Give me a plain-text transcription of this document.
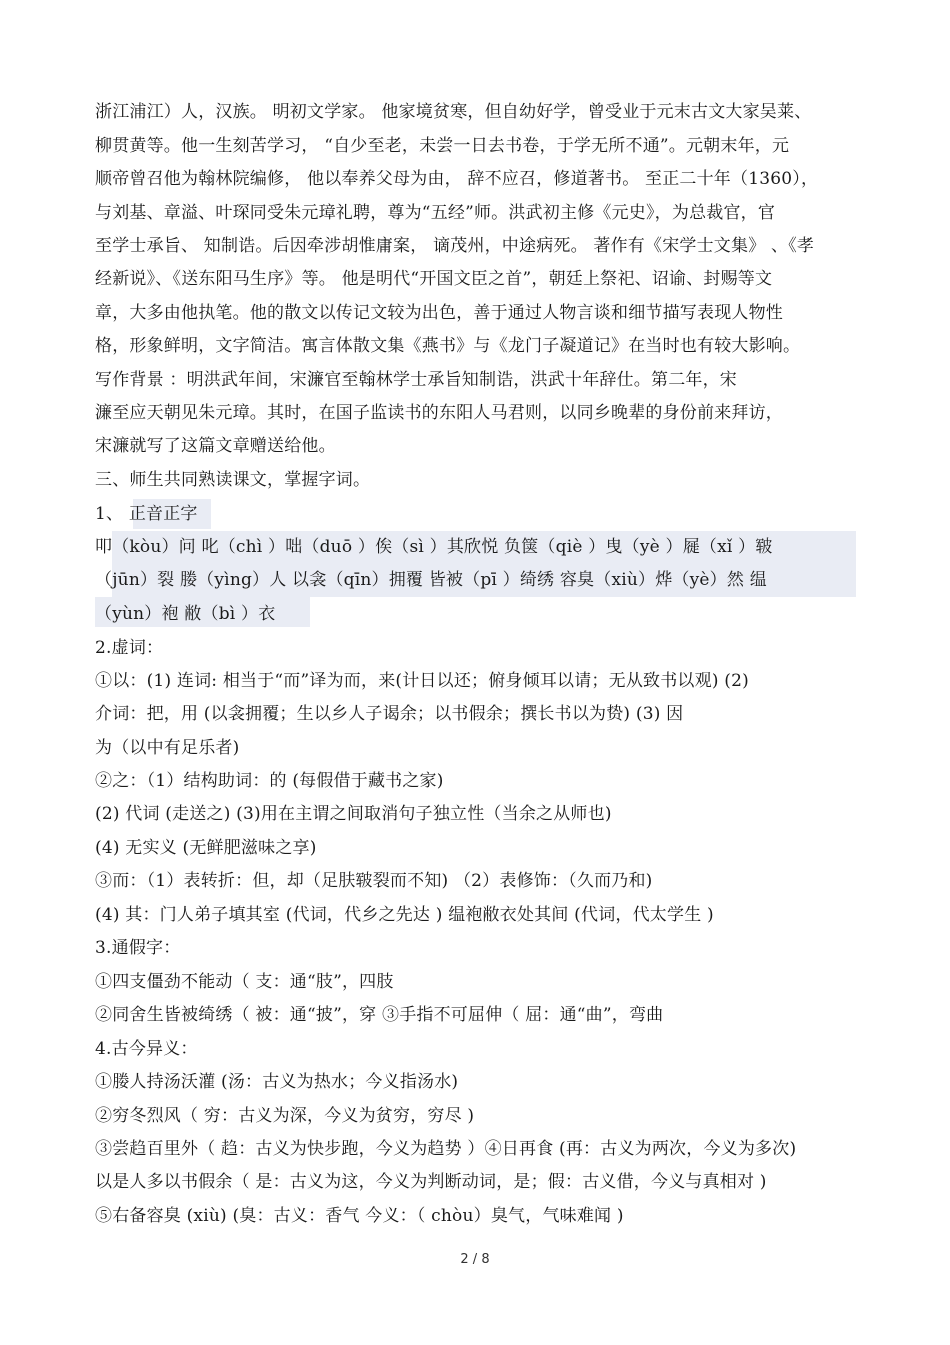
浙江浦江）人，汉族。 明初文学家。 他家境贫寒，但自幼好学，曾受业于元末古文大家吴莱、
柳贯黄等。他一生刻苦学习， “自少至老，未尝一日去书卷，于学无所不通”。元朝末年，元
顺帝曾召他为翰林院编修， 他以奉养父母为由， 辞不应召，修道著书。 至正二十年（1360），
与刘基、章溢、叶琛同受朱元璋礼聘，尊为“五经”师。洪武初主修《元史》，为总裁官，官
至学士承旨、 知制诰。后因牵涉胡惟庸案， 谪茂州，中途病死。 著作有《宋学士文集》 、《孝
经新说》、《送东阳马生序》等。 他是明代“开国文臣之首”，朝廷上祭祀、诏谕、封赐等文
章，大多由他执笔。他的散文以传记文较为出色，善于通过人物言谈和细节描写表现人物性
格，形象鲜明，文字简洁。寓言体散文集《燕书》与《龙门子凝道记》在当时也有较大影响。
写作背景 ：明洪武年间，宋濂官至翰林学士承旨知制诰，洪武十年辞仕。第二年，宋
濂至应天朝见朱元璋。其时，在国子监读书的东阳人马君则，以同乡晚辈的身份前来拜访，
宋濂就写了这篇文章赠送给他。
三、师生共同熟读课文，掌握字词。
1、 正音正字
叩（kòu）问 叱（chì ）咄（duō ）俟（sì ）其欣悦 负箧（qiè ）曳（yè ）屣（xǐ ）皲
（jūn）裂 媵（yìng）人 以衾（qīn）拥覆 皆被（pī ）绮绣 容臭（xiù）烨（yè）然 缊
（yùn）袍 敝（bì ）衣
2.虚词：
①以：(1) 连词: 相当于“而”译为而，来(计日以还；俯身倾耳以请；无从致书以观) (2)
介词：把，用 (以衾拥覆；生以乡人子谒余；以书假余；撰长书以为贽) (3) 因
为（以中有足乐者)
②之：（1）结构助词：的 (每假借于藏书之家)
(2) 代词 (走送之) (3)用在主谓之间取消句子独立性（当余之从师也)
(4) 无实义 (无鲜肥滋味之享)
③而：（1）表转折：但，却（足肤皲裂而不知) （2）表修饰：（久而乃和)
(4) 其：门人弟子填其室 (代词，代乡之先达 ) 缊袍敝衣处其间 (代词，代太学生 )
3.通假字：
①四支僵劲不能动（ 支：通“肢”，四肢
②同舍生皆被绮绣（ 被：通“披”，穿 ③手指不可屈伸（ 屈：通“曲”，弯曲
4.古今异义：
①媵人持汤沃灌 (汤：古义为热水；今义指汤水)
②穷冬烈风（ 穷：古义为深，今义为贫穷，穷尽 )
③尝趋百里外（ 趋：古义为快步跑，今义为趋势 ）④日再食 (再：古义为两次，今义为多次)
以是人多以书假余（ 是：古义为这，今义为判断动词，是；假：古义借，今义与真相对 )
⑤右备容臭 (xiù) (臭：古义：香气 今义：（ chòu）臭气，气味难闻 )
2 / 8
